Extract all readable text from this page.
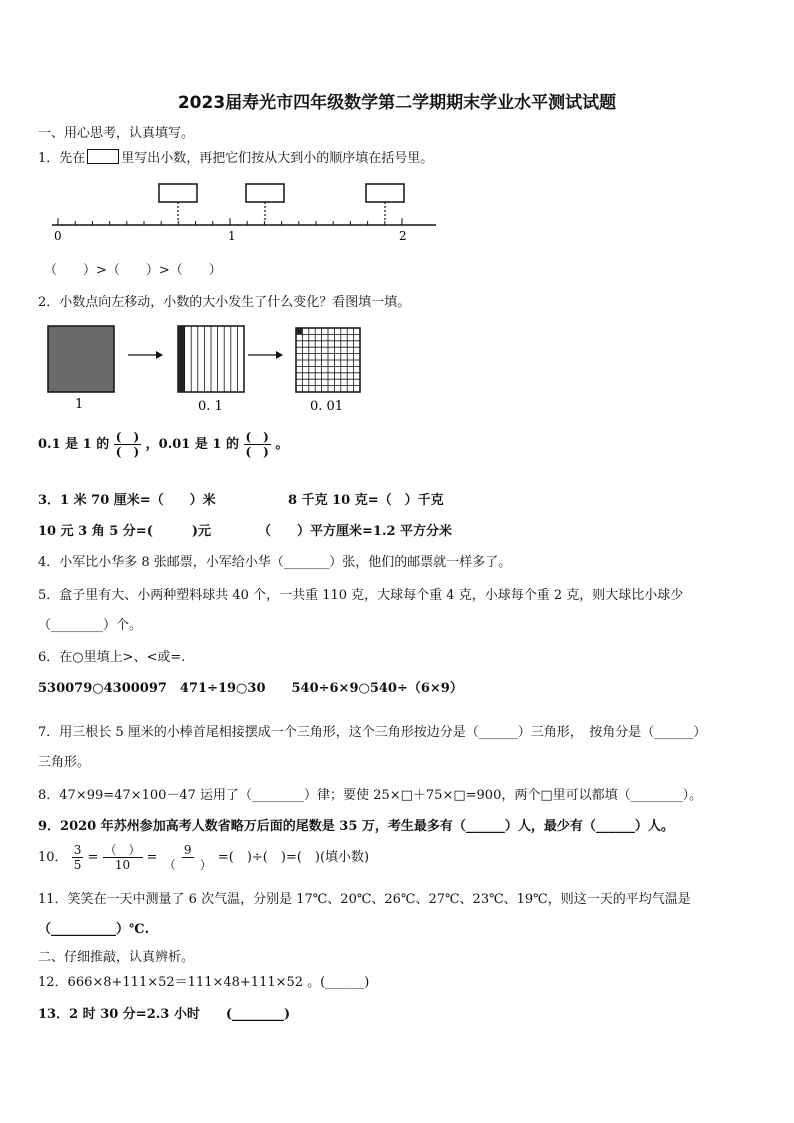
2023届寿光市四年级数学第二学期期末学业水平测试试题
一、用心思考，认真填写。
1．先在	里写出小数，再把它们按从大到小的顺序填在括号里。
0	1	2
（　　）>（　　）>（　　）
2．小数点向左移动，小数的大小发生了什么变化？看图填一填。
1	0. 1	0. 01
0.1 是 1 的 $\frac{( )}{( )}$ ，0.01 是 1 的 $\frac{( )}{( )}$ 。
3．1 米 70 厘米=（　　）米	8 千克 10 克=（　）千克
10 元 3 角 5 分=(　　　)元	（　　）平方厘米=1.2 平方分米
4．小军比小华多 8 张邮票，小军给小华（_______）张，他们的邮票就一样多了。
5．盒子里有大、小两种塑料球共 40 个，一共重 110 克，大球每个重 4 克，小球每个重 2 克，则大球比小球少
（________）个。
6．在○里填上>、<或=.
530079○4300097　471÷19○30　　540÷6×9○540÷（6×9）
7．用三根长 5 厘米的小棒首尾相接摆成一个三角形，这个三角形按边分是（______）三角形，　按角分是（______）
三角形。
8．47×99=47×100－47 运用了（________）律；要使 25×□＋75×□=900，两个□里可以都填（________）。
9．2020 年苏州参加高考人数省略万后面的尾数是 35 万，考生最多有（______）人，最少有（______）人。
10． $\frac{3}{5} = \frac{( )}{10} = \frac{9}{( )}$ =(　)÷(　)=(　)(填小数)
11．笑笑在一天中测量了 6 次气温，分别是 17℃、20℃、26℃、27℃、23℃、19℃，则这一天的平均气温是
（__________）℃.
二、仔细推敲，认真辨析。
12．666×8+111×52＝111×48+111×52 。(______)
13．2 时 30 分=2.3 小时　　(________)
